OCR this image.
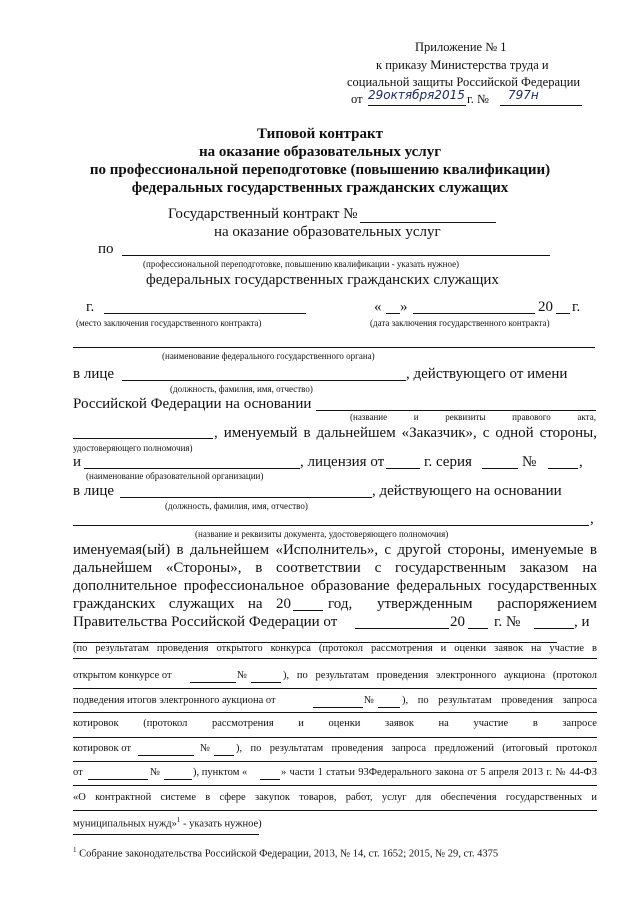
Приложение № 1
к приказу Министерства труда и
социальной защиты Российской Федерации
от 29октября2015 г. № 797н
Типовой контракт
на оказание образовательных услуг
по профессиональной переподготовке (повышению квалификации)
федеральных государственных гражданских служащих
Государственный контракт №
на оказание образовательных услуг
по
(профессиональной переподготовке, повышению квалификации - указать нужное)
федеральных государственных гражданских служащих
г.	« »	20 г.
(место заключения государственного контракта)	(дата заключения государственного контракта)
(наименование федерального государственного органа)
в лице	, действующего от имени
(должность, фамилия, имя, отчество)
Российской Федерации на основании
(название	и	реквизиты	правового	акта,
, именуемый в дальнейшем «Заказчик», с одной стороны,
удостоверяющего полномочия)
и	, лицензия от	г. серия	№	,
(наименование образовательной организации)
в лице	, действующего на основании
(должность, фамилия, имя, отчество)
,
(название и реквизиты документа, удостоверяющего полномочия)
именуемая(ый) в дальнейшем «Исполнитель», с другой стороны, именуемые в
дальнейшем «Стороны», в соответствии с государственным заказом на
дополнительное профессиональное образование федеральных государственных
гражданских служащих на 20 год, утвержденным распоряжением
Правительства Российской Федерации от	20 г. №	, и
(по результатам проведения открытого конкурса (протокол рассмотрения и оценки заявок на участие в
открытом конкурсе от	№	), по результатам проведения электронного аукциона (протокол
подведения итогов электронного аукциона от	№	), по результатам проведения запроса
котировок (протокол рассмотрения и оценки заявок на участие в запросе
котировок от	№ ), по результатам проведения запроса предложений (итоговый протокол
от	№	), пунктом «	» части 1 статьи 93Федерального закона от 5 апреля 2013 г. № 44-ФЗ
«О контрактной системе в сфере закупок товаров, работ, услуг для обеспечения государственных и
муниципальных нужд»$^1$ - указать нужное)
$^1$ Собрание законодательства Российской Федерации, 2013, № 14, ст. 1652; 2015, № 29, ст. 4375
